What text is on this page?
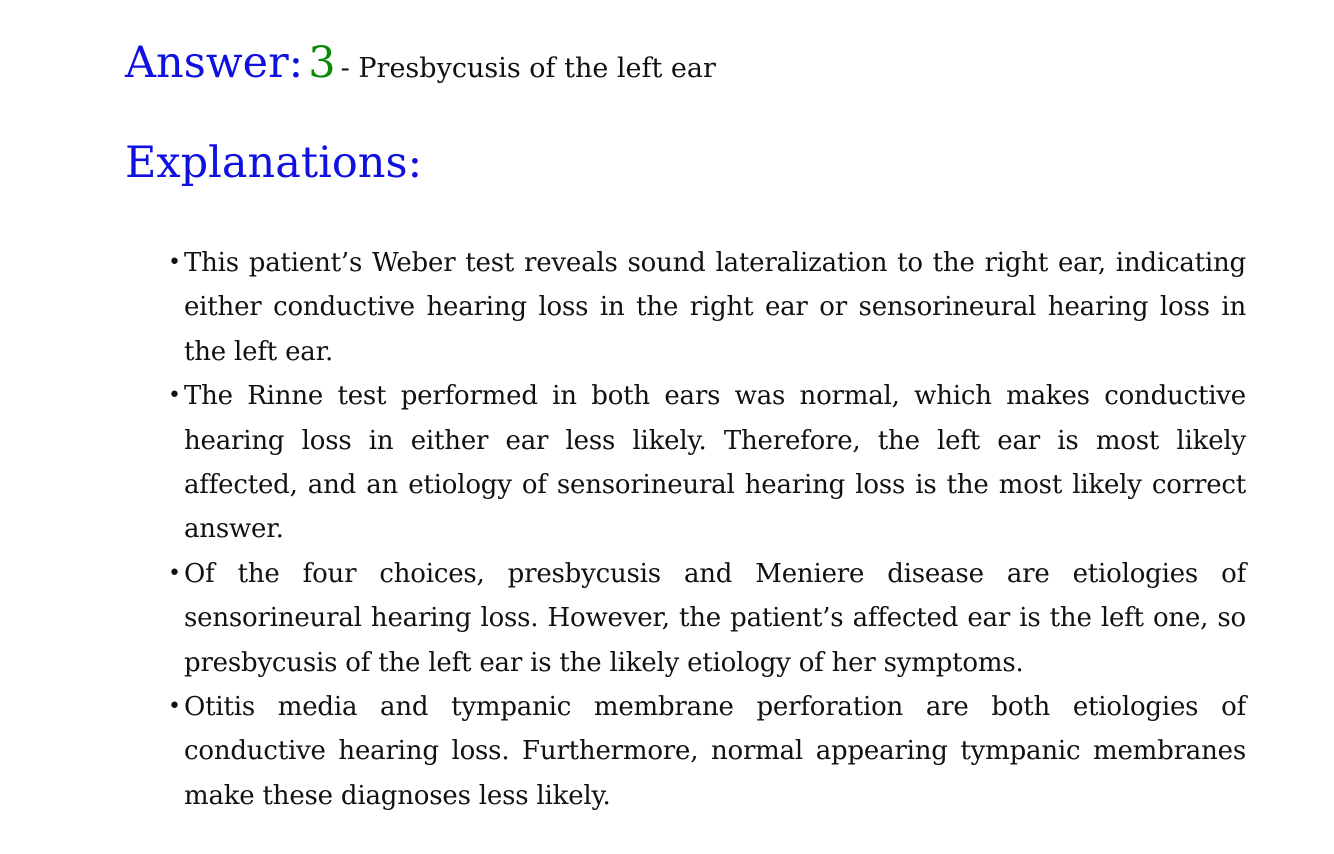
Answer: 3 - Presbycusis of the left ear
Explanations:
• This patient’s Weber test reveals sound lateralization to the right ear, indicating either conductive hearing loss in the right ear or sensorineural hearing loss in the left ear.
• The Rinne test performed in both ears was normal, which makes conductive hearing loss in either ear less likely. Therefore, the left ear is most likely affected, and an etiology of sensorineural hearing loss is the most likely correct answer.
• Of the four choices, presbycusis and Meniere disease are etiologies of sensorineural hearing loss. However, the patient’s affected ear is the left one, so presbycusis of the left ear is the likely etiology of her symptoms.
• Otitis media and tympanic membrane perforation are both etiologies of conductive hearing loss. Furthermore, normal appearing tympanic membranes make these diagnoses less likely.
